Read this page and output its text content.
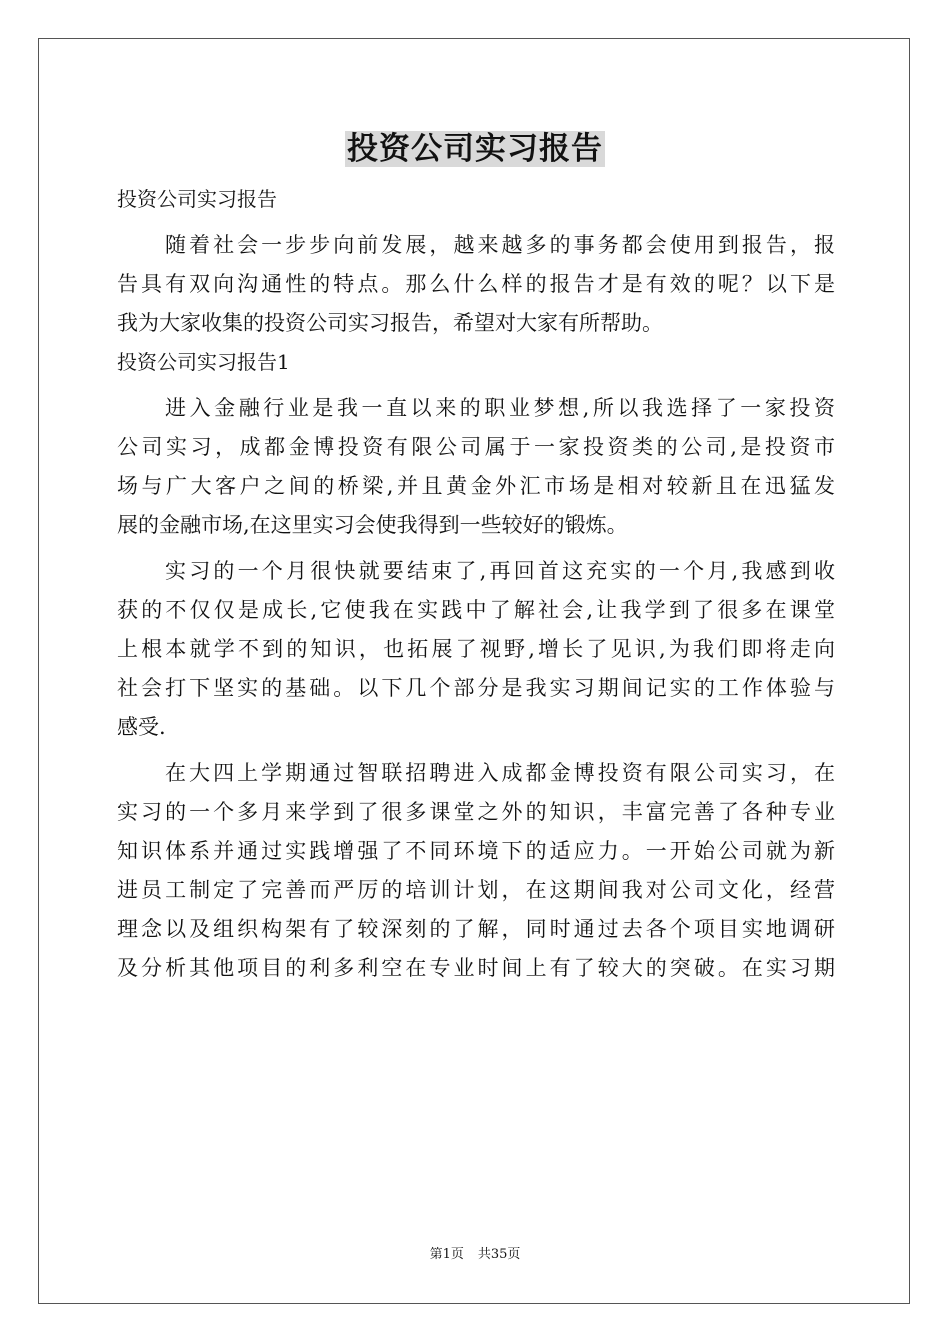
投资公司实习报告
投资公司实习报告
随着社会一步步向前发展，越来越多的事务都会使用到报告，报
告具有双向沟通性的特点。那么什么样的报告才是有效的呢？以下是
我为大家收集的投资公司实习报告，希望对大家有所帮助。
投资公司实习报告1
进入金融行业是我一直以来的职业梦想,所以我选择了一家投资
公司实习，成都金博投资有限公司属于一家投资类的公司,是投资市
场与广大客户之间的桥梁,并且黄金外汇市场是相对较新且在迅猛发
展的金融市场,在这里实习会使我得到一些较好的锻炼。
实习的一个月很快就要结束了,再回首这充实的一个月,我感到收
获的不仅仅是成长,它使我在实践中了解社会,让我学到了很多在课堂
上根本就学不到的知识，也拓展了视野,增长了见识,为我们即将走向
社会打下坚实的基础。以下几个部分是我实习期间记实的工作体验与
感受.
在大四上学期通过智联招聘进入成都金博投资有限公司实习，在
实习的一个多月来学到了很多课堂之外的知识，丰富完善了各种专业
知识体系并通过实践增强了不同环境下的适应力。一开始公司就为新
进员工制定了完善而严厉的培训计划，在这期间我对公司文化，经营
理念以及组织构架有了较深刻的了解，同时通过去各个项目实地调研
及分析其他项目的利多利空在专业时间上有了较大的突破。在实习期
第1页 共35页
